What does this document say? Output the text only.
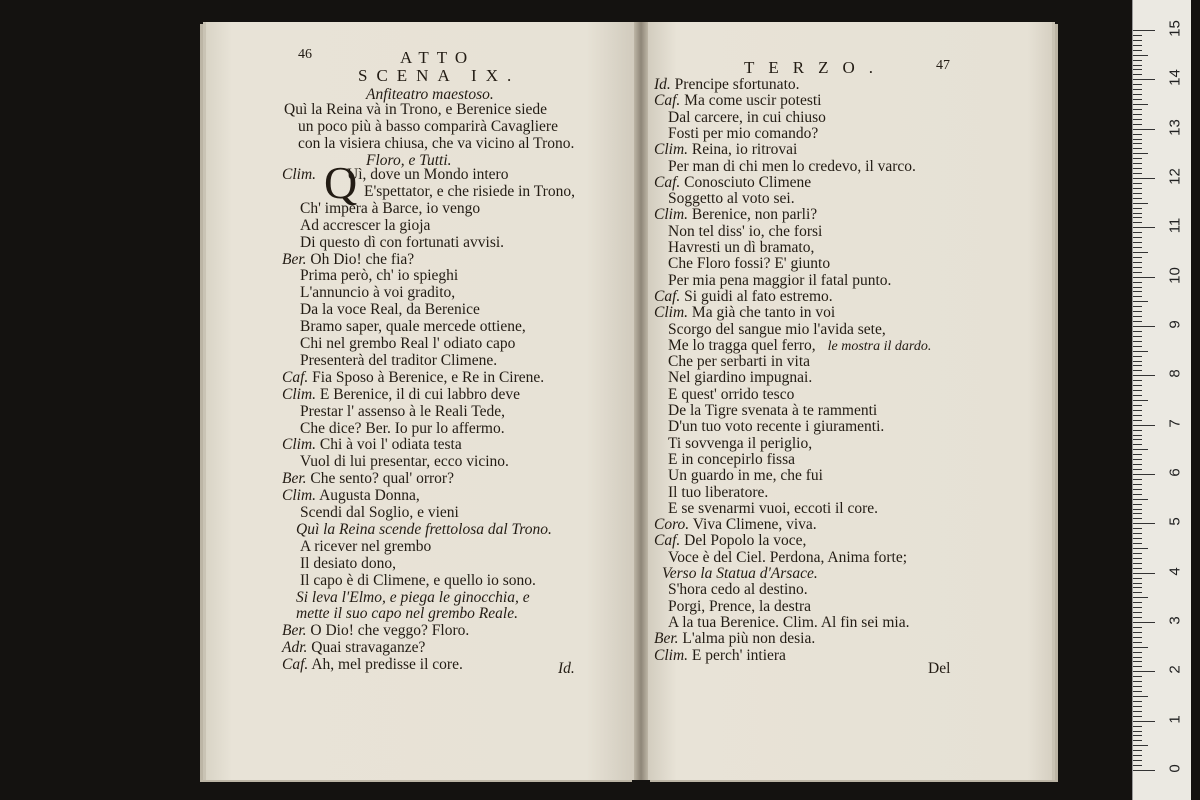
46	ATTO
SCENA IX.
Anfiteatro maestoso.
Quì la Reina và in Trono, e Berenice siede
un poco più à basso comparirà Cavagliere
con la visiera chiusa, che va vicino al Trono.
Floro, e Tutti.
Q
Clim. Uì, dove un Mondo intero
E'spettator, e che risiede in Trono,
Ch' impera à Barce, io vengo
Ad accrescer la gioja
Di questo dì con fortunati avvisi.
Ber. Oh Dio! che fia?
Prima però, ch' io spieghi
L'annuncio à voi gradito,
Da la voce Real, da Berenice
Bramo saper, quale mercede ottiene,
Chi nel grembo Real l' odiato capo
Presenterà del traditor Climene.
Caf. Fia Sposo à Berenice, e Re in Cirene.
Clim. E Berenice, il di cui labbro deve
Prestar l' assenso à le Reali Tede,
Che dice? Ber. Io pur lo affermo.
Clim. Chi à voi l' odiata testa
Vuol di lui presentar, ecco vicino.
Ber. Che sento? qual' orror?
Clim. Augusta Donna,
Scendi dal Soglio, e vieni
Quì la Reina scende frettolosa dal Trono.
A ricever nel grembo
Il desiato dono,
Il capo è di Climene, e quello io sono.
Si leva l'Elmo, e piega le ginocchia, e
mette il suo capo nel grembo Reale.
Ber. O Dio! che veggo? Floro.
Adr. Quai stravaganze?
Caf. Ah, mel predisse il core.	Id.
TERZO.	47
Id. Prencipe sfortunato.
Caf. Ma come uscir potesti
Dal carcere, in cui chiuso
Fosti per mio comando?
Clim. Reina, io ritrovai
Per man di chi men lo credevo, il varco.
Caf. Conosciuto Climene
Soggetto al voto sei.
Clim. Berenice, non parli?
Non tel diss' io, che forsi
Havresti un dì bramato,
Che Floro fossi? E' giunto
Per mia pena maggior il fatal punto.
Caf. Si guidi al fato estremo.
Clim. Ma già che tanto in voi
Scorgo del sangue mio l'avida sete,
Me lo tragga quel ferro, le mostra il dardo.
Che per serbarti in vita
Nel giardino impugnai.
E quest' orrido tesco
De la Tigre svenata à te rammenti
D'un tuo voto recente i giuramenti.
Ti sovvenga il periglio,
E in concepirlo fissa
Un guardo in me, che fui
Il tuo liberatore.
E se svenarmi vuoi, eccoti il core.
Coro. Viva Climene, viva.
Caf. Del Popolo la voce,
Voce è del Ciel. Perdona, Anima forte;
Verso la Statua d'Arsace.
S'hora cedo al destino.
Porgi, Prence, la destra
A la tua Berenice. Clim. Al fin sei mia.
Ber. L'alma più non desia.
Clim. E perch' intiera
Del
0
1
2
3
4
5
6
7
8
9
10
11
12
13
14
15
